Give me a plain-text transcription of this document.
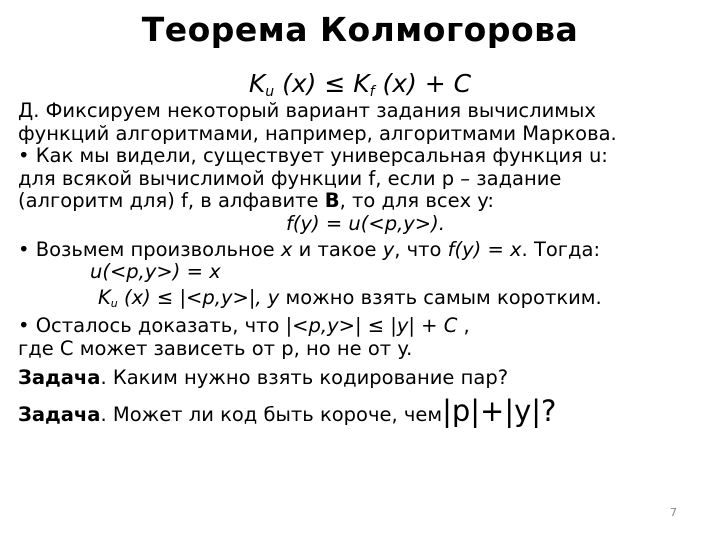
Теорема Колмогорова
$K_u$ $(x) \le K_f$ (x) + C

Д. Фиксируем некоторый вариант задания вычислимых

функций алгоритмами, например, алгоритмами Маркова.

• Как мы видели, существует универсальная функция u:

для всякой вычислимой функции f, если p – задание

(алгоритм для) f, в алфавите B, то для всех y:

f(y) = u(<p,y>).

• Возьмем произвольное x и такое y, что f(y) = x. Тогда:

u(<p,y>) = x

$K_u$ (x) ≤ |<p,y>|, y можно взять самым коротким.

• Осталось доказать, что |<p,y>| ≤ |y| + C ,

где С может зависеть от p, но не от y.

Задача. Каким нужно взять кодирование пар?

Задача. Может ли код быть короче, чем|p|+|y|?

7
